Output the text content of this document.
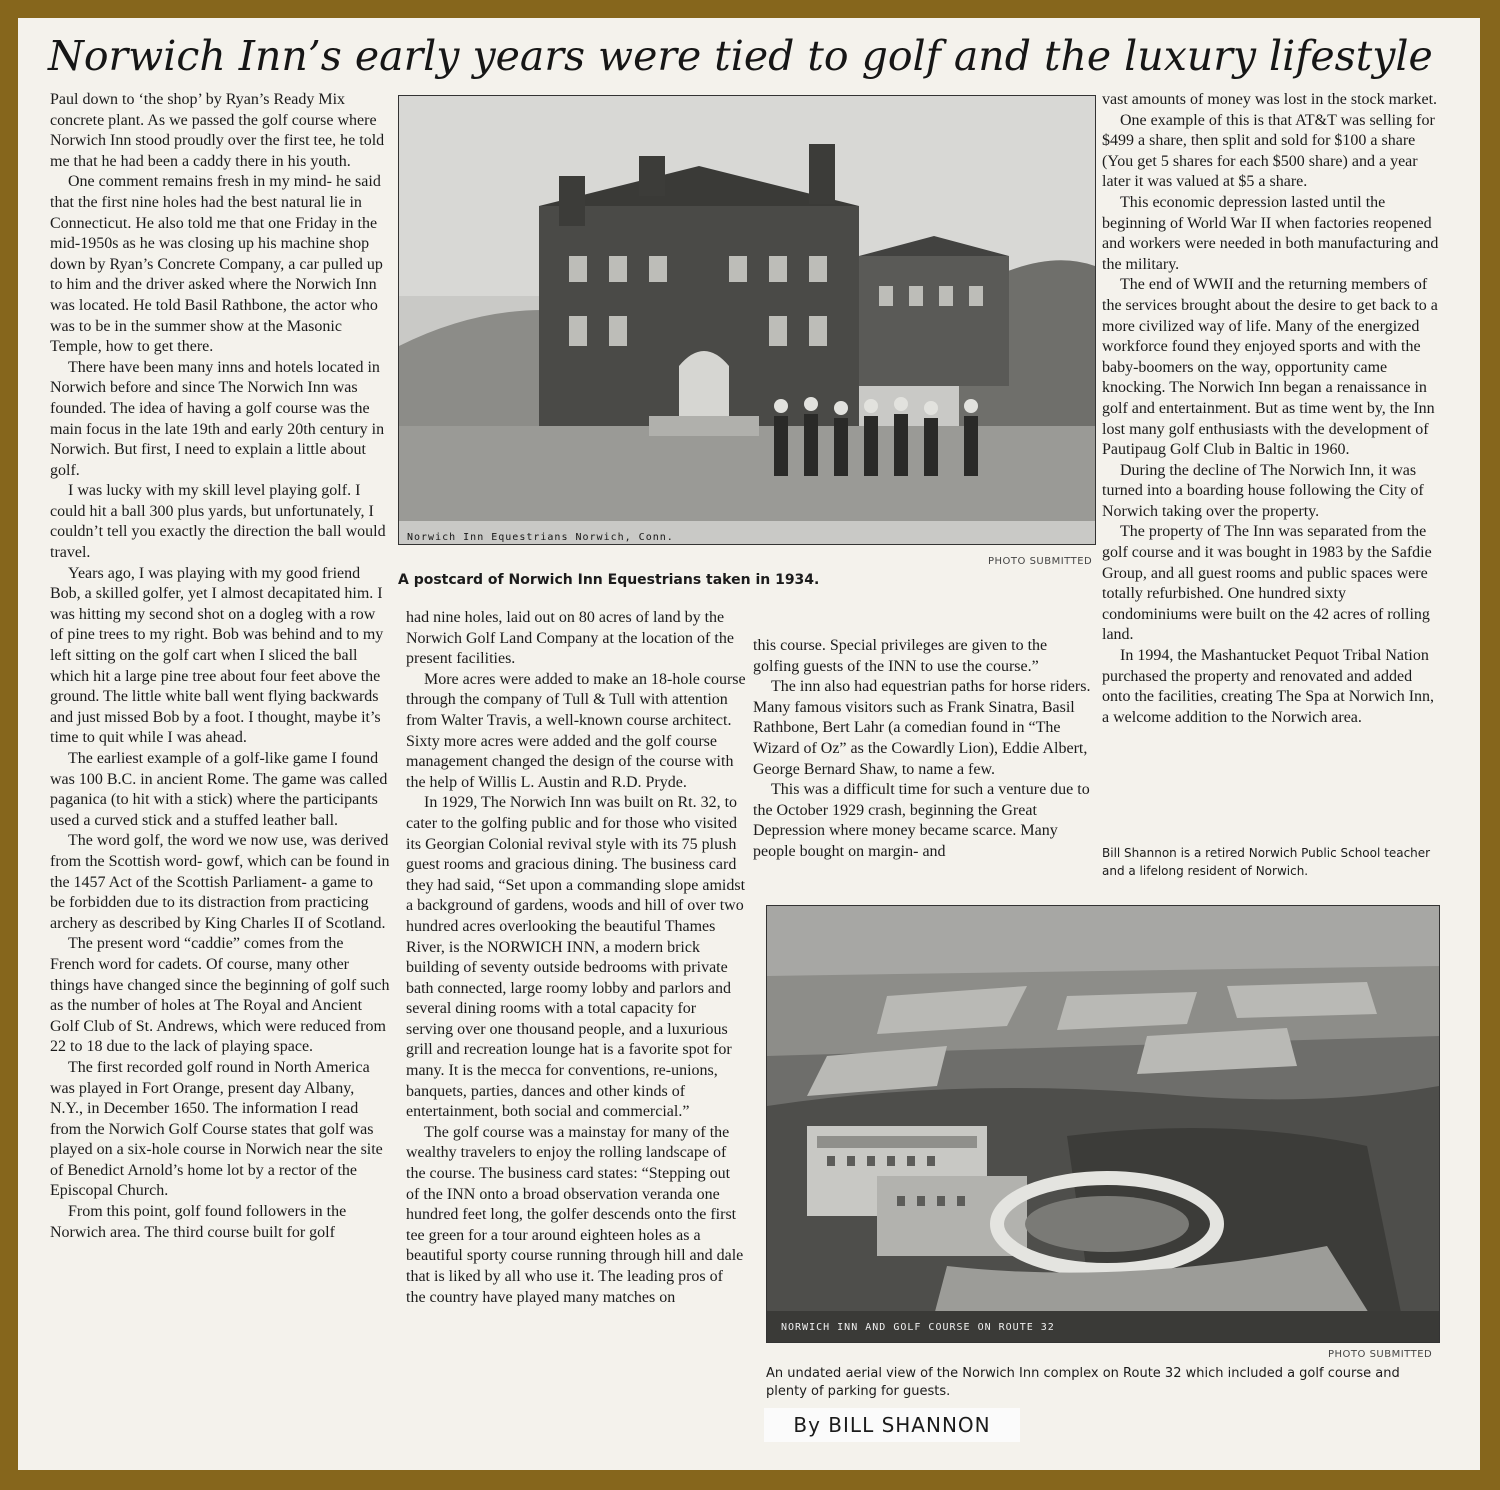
Norwich Inn’s early years were tied to golf and the luxury lifestyle

Paul down to ‘the shop’ by Ryan’s Ready Mix concrete plant. As we passed the golf course where Norwich Inn stood proudly over the first tee, he told me that he had been a caddy there in his youth.

One comment remains fresh in my mind- he said that the first nine holes had the best natural lie in Connecticut. He also told me that one Friday in the mid-1950s as he was closing up his machine shop down by Ryan’s Concrete Company, a car pulled up to him and the driver asked where the Norwich Inn was located. He told Basil Rathbone, the actor who was to be in the summer show at the Masonic Temple, how to get there.

There have been many inns and hotels located in Norwich before and since The Norwich Inn was founded. The idea of having a golf course was the main focus in the late 19th and early 20th century in Norwich. But first, I need to explain a little about golf.

I was lucky with my skill level playing golf. I could hit a ball 300 plus yards, but unfortunately, I couldn’t tell you exactly the direction the ball would travel.

Years ago, I was playing with my good friend Bob, a skilled golfer, yet I almost decapitated him. I was hitting my second shot on a dogleg with a row of pine trees to my right. Bob was behind and to my left sitting on the golf cart when I sliced the ball which hit a large pine tree about four feet above the ground. The little white ball went flying backwards and just missed Bob by a foot. I thought, maybe it’s time to quit while I was ahead.

The earliest example of a golf-like game I found was 100 B.C. in ancient Rome. The game was called paganica (to hit with a stick) where the participants used a curved stick and a stuffed leather ball.

The word golf, the word we now use, was derived from the Scottish word- gowf, which can be found in the 1457 Act of the Scottish Parliament- a game to be forbidden due to its distraction from practicing archery as described by King Charles II of Scotland.

The present word “caddie” comes from the French word for cadets. Of course, many other things have changed since the beginning of golf such as the number of holes at The Royal and Ancient Golf Club of St. Andrews, which were reduced from 22 to 18 due to the lack of playing space.

The first recorded golf round in North America was played in Fort Orange, present day Albany, N.Y., in December 1650. The information I read from the Norwich Golf Course states that golf was played on a six-hole course in Norwich near the site of Benedict Arnold’s home lot by a rector of the Episcopal Church.

From this point, golf found followers in the Norwich area. The third course built for golf

Norwich Inn Equestrians Norwich, Conn.
PHOTO SUBMITTED
A postcard of Norwich Inn Equestrians taken in 1934.

had nine holes, laid out on 80 acres of land by the Norwich Golf Land Company at the location of the present facilities.

More acres were added to make an 18-hole course through the company of Tull & Tull with attention from Walter Travis, a well-known course architect. Sixty more acres were added and the golf course management changed the design of the course with the help of Willis L. Austin and R.D. Pryde.

In 1929, The Norwich Inn was built on Rt. 32, to cater to the golfing public and for those who visited its Georgian Colonial revival style with its 75 plush guest rooms and gracious dining. The business card they had said, “Set upon a commanding slope amidst a background of gardens, woods and hill of over two hundred acres overlooking the beautiful Thames River, is the NORWICH INN, a modern brick building of seventy outside bedrooms with private bath connected, large roomy lobby and parlors and several dining rooms with a total capacity for serving over one thousand people, and a luxurious grill and recreation lounge hat is a favorite spot for many. It is the mecca for conventions, re-unions, banquets, parties, dances and other kinds of entertainment, both social and commercial.”

The golf course was a mainstay for many of the wealthy travelers to enjoy the rolling landscape of the course. The business card states: “Stepping out of the INN onto a broad observation veranda one hundred feet long, the golfer descends onto the first tee green for a tour around eighteen holes as a beautiful sporty course running through hill and dale that is liked by all who use it. The leading pros of the country have played many matches on

this course. Special privileges are given to the golfing guests of the INN to use the course.”

The inn also had equestrian paths for horse riders. Many famous visitors such as Frank Sinatra, Basil Rathbone, Bert Lahr (a comedian found in “The Wizard of Oz” as the Cowardly Lion), Eddie Albert, George Bernard Shaw, to name a few.

This was a difficult time for such a venture due to the October 1929 crash, beginning the Great Depression where money became scarce. Many people bought on margin- and

vast amounts of money was lost in the stock market.

One example of this is that AT&T was selling for $499 a share, then split and sold for $100 a share (You get 5 shares for each $500 share) and a year later it was valued at $5 a share.

This economic depression lasted until the beginning of World War II when factories reopened and workers were needed in both manufacturing and the military.

The end of WWII and the returning members of the services brought about the desire to get back to a more civilized way of life. Many of the energized workforce found they enjoyed sports and with the baby-boomers on the way, opportunity came knocking. The Norwich Inn began a renaissance in golf and entertainment. But as time went by, the Inn lost many golf enthusiasts with the development of Pautipaug Golf Club in Baltic in 1960.

During the decline of The Norwich Inn, it was turned into a boarding house following the City of Norwich taking over the property.

The property of The Inn was separated from the golf course and it was bought in 1983 by the Safdie Group, and all guest rooms and public spaces were totally refurbished. One hundred sixty condominiums were built on the 42 acres of rolling land.

In 1994, the Mashantucket Pequot Tribal Nation purchased the property and renovated and added onto the facilities, creating The Spa at Norwich Inn, a welcome addition to the Norwich area.

Bill Shannon is a retired Norwich Public School teacher and a lifelong resident of Norwich.
NORWICH INN AND GOLF COURSE ON ROUTE 32
PHOTO SUBMITTED
An undated aerial view of the Norwich Inn complex on Route 32 which included a golf course and plenty of parking for guests.
By BILL SHANNON
